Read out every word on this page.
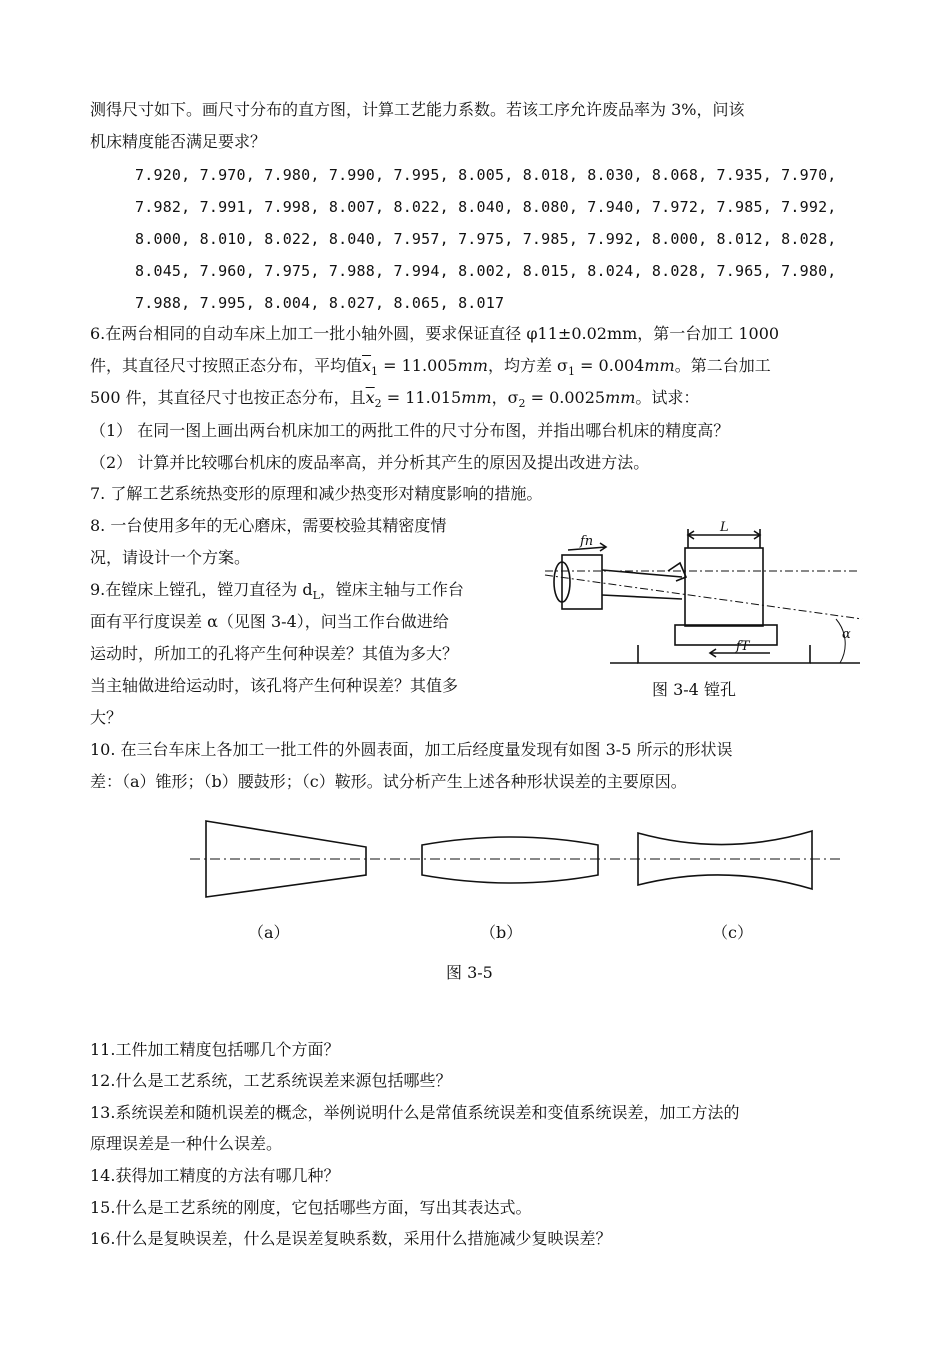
测得尺寸如下。画尺寸分布的直方图，计算工艺能力系数。若该工序允许废品率为 3%，问该
机床精度能否满足要求？
7.920, 7.970, 7.980, 7.990, 7.995, 8.005, 8.018, 8.030, 8.068, 7.935, 7.970,
7.982, 7.991, 7.998, 8.007, 8.022, 8.040, 8.080, 7.940, 7.972, 7.985, 7.992,
8.000, 8.010, 8.022, 8.040, 7.957, 7.975, 7.985, 7.992, 8.000, 8.012, 8.028,
8.045, 7.960, 7.975, 7.988, 7.994, 8.002, 8.015, 8.024, 8.028, 7.965, 7.980,
7.988, 7.995, 8.004, 8.027, 8.065, 8.017
6.在两台相同的自动车床上加工一批小轴外圆，要求保证直径 φ11±0.02mm，第一台加工 1000
件，其直径尺寸按照正态分布，平均值$\overline{x}_1 = 11.005mm$，均方差 $\sigma_1 = 0.004mm$。第二台加工
500 件，其直径尺寸也按正态分布，且$\overline{x}_2 = 11.015mm$，$\sigma_2 = 0.0025mm$。试求：
（1） 在同一图上画出两台机床加工的两批工件的尺寸分布图，并指出哪台机床的精度高？
（2） 计算并比较哪台机床的废品率高，并分析其产生的原因及提出改进方法。
7. 了解工艺系统热变形的原理和减少热变形对精度影响的措施。
8. 一台使用多年的无心磨床，需要校验其精密度情
况，请设计一个方案。
9.在镗床上镗孔，镗刀直径为 $d_L$，镗床主轴与工作台
面有平行度误差 α（见图 3-4），问当工作台做进给
运动时，所加工的孔将产生何种误差？其值为多大？
当主轴做进给运动时，该孔将产生何种误差？其值多
大？
L
fn
fT
α
图 3-4 镗孔
10. 在三台车床上各加工一批工件的外圆表面，加工后经度量发现有如图 3-5 所示的形状误
差：（a）锥形；（b）腰鼓形；（c）鞍形。试分析产生上述各种形状误差的主要原因。
（a）	（b）	（c）
图 3-5
11.工件加工精度包括哪几个方面？
12.什么是工艺系统，工艺系统误差来源包括哪些？
13.系统误差和随机误差的概念，举例说明什么是常值系统误差和变值系统误差，加工方法的
原理误差是一种什么误差。
14.获得加工精度的方法有哪几种？
15.什么是工艺系统的刚度，它包括哪些方面，写出其表达式。
16.什么是复映误差，什么是误差复映系数，采用什么措施减少复映误差？
